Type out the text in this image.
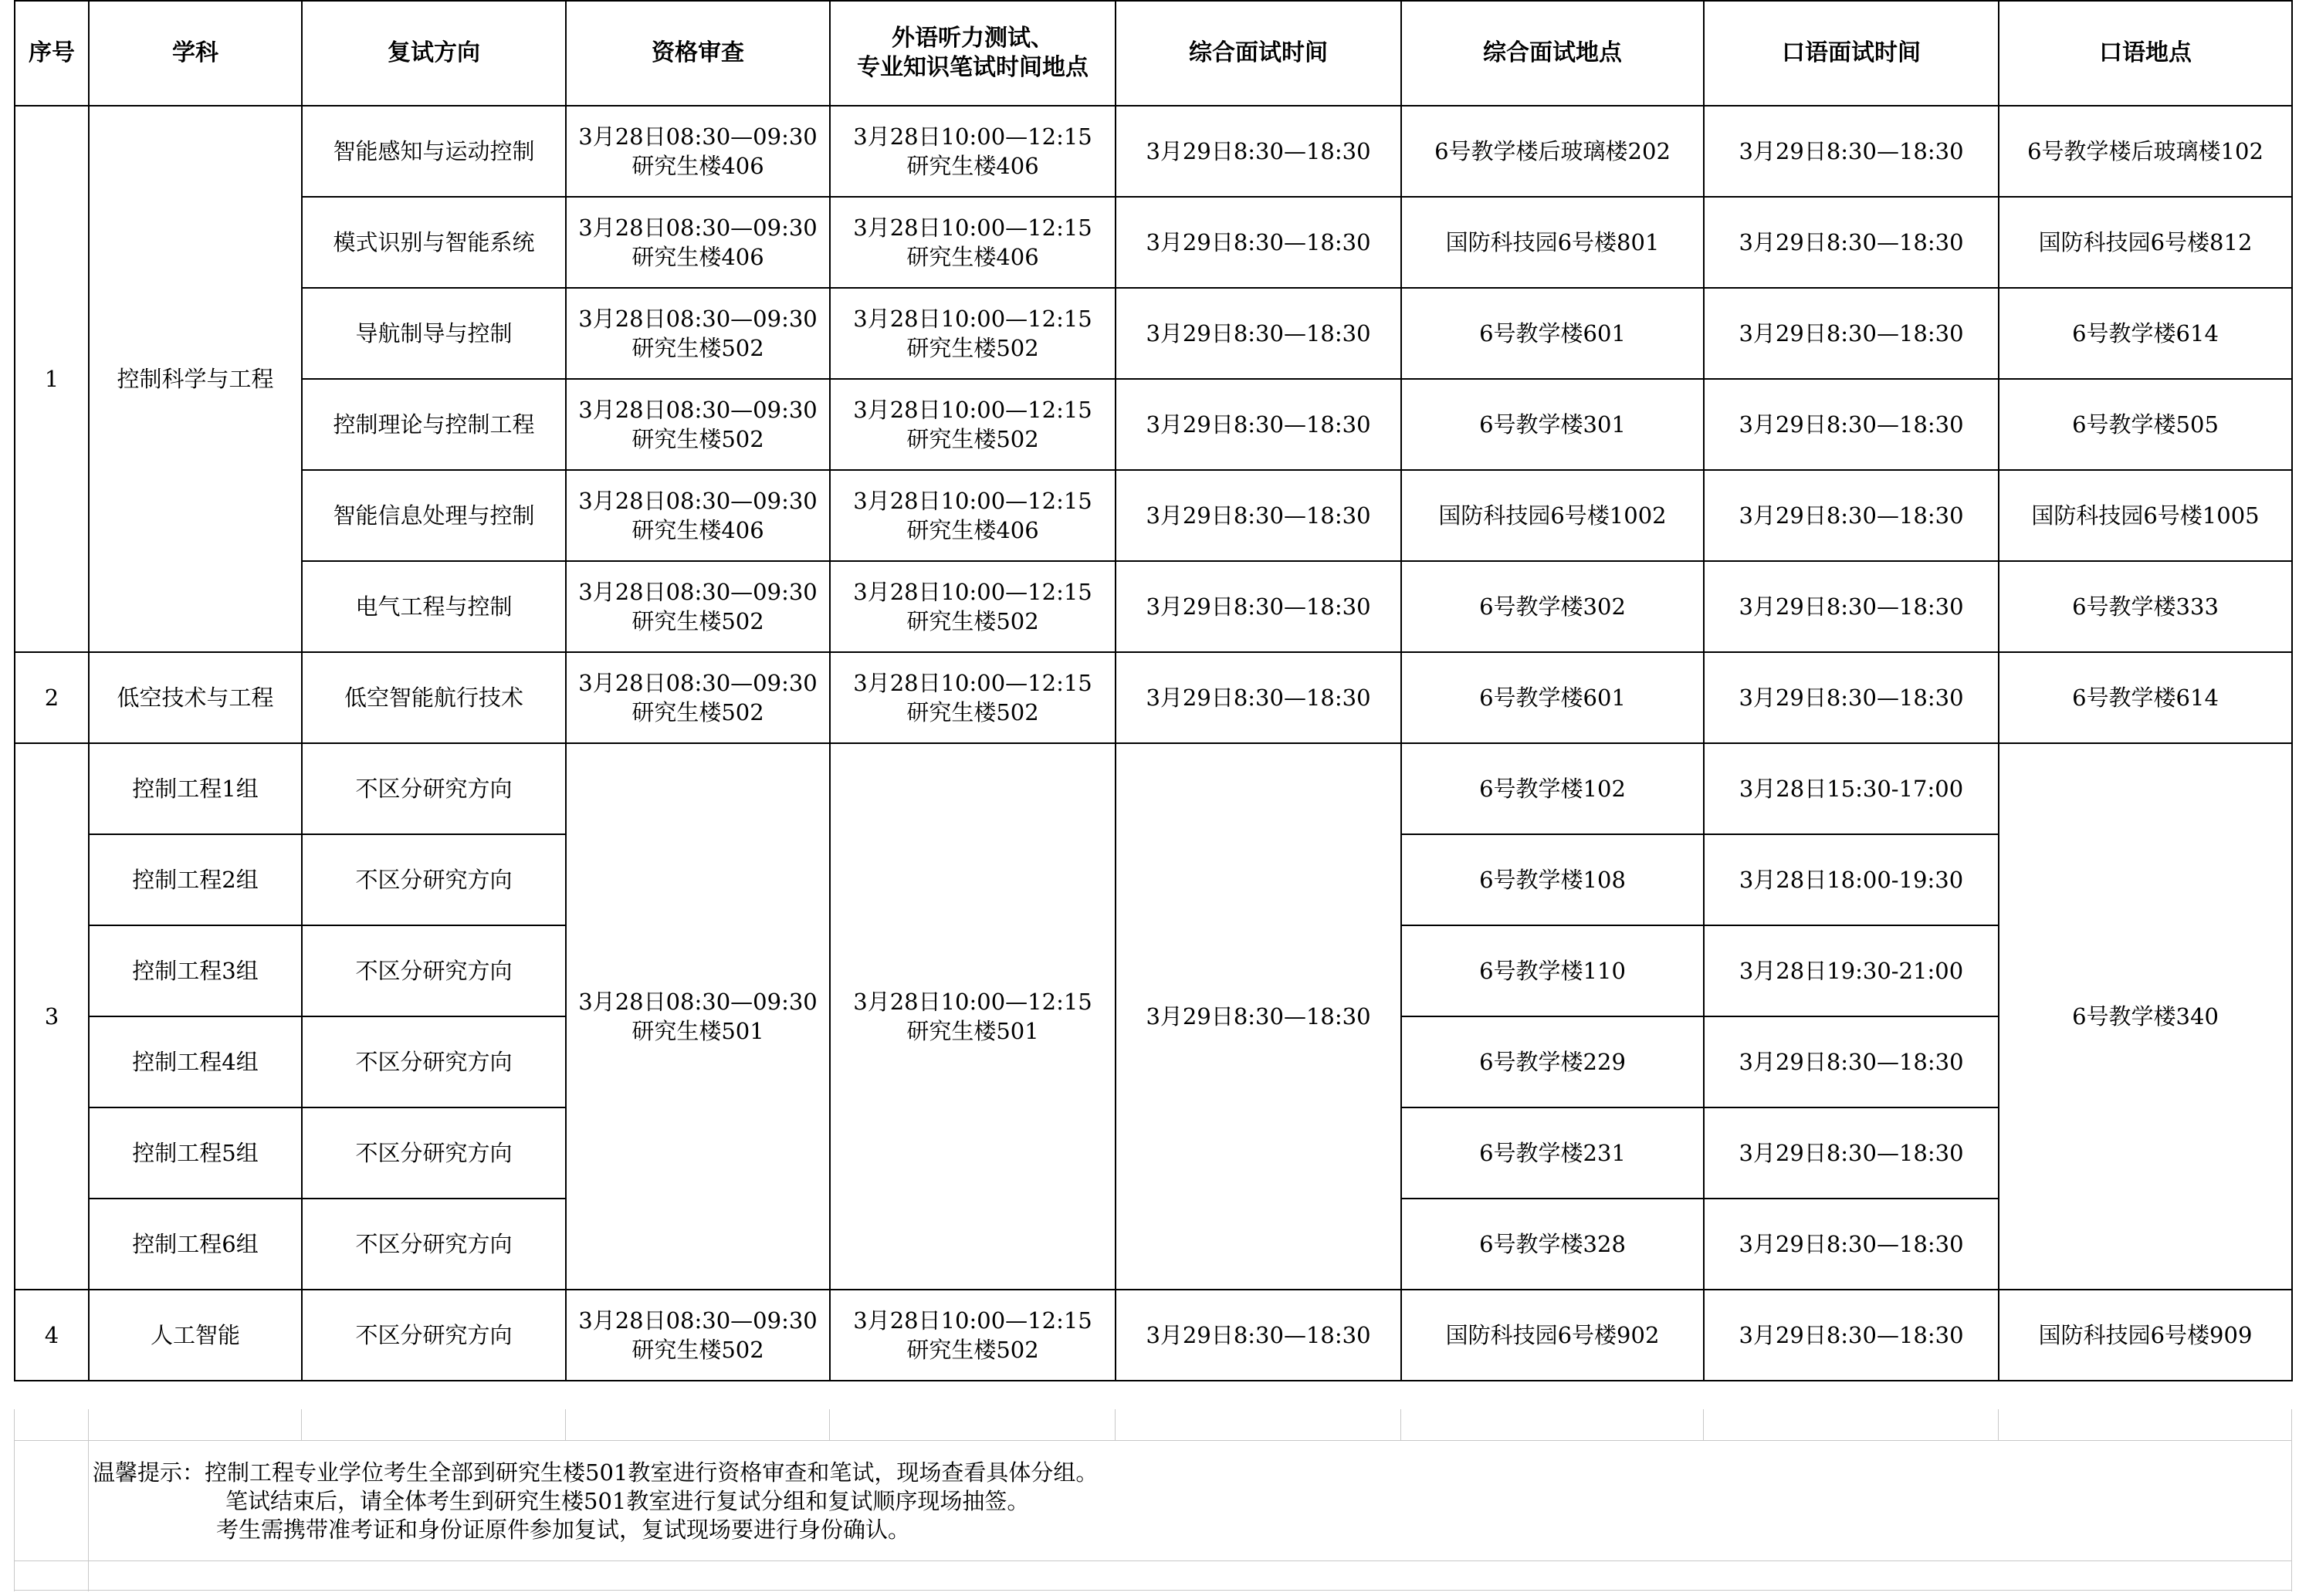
序号	学科	复试方向	资格审查	外语听力测试、
专业知识笔试时间地点	综合面试时间	综合面试地点	口语面试时间	口语地点
1	控制科学与工程	智能感知与运动控制	3月28日08:30—09:30
研究生楼406	3月28日10:00—12:15
研究生楼406	3月29日8:30—18:30	6号教学楼后玻璃楼202	3月29日8:30—18:30	6号教学楼后玻璃楼102
		模式识别与智能系统	3月28日08:30—09:30
研究生楼406	3月28日10:00—12:15
研究生楼406	3月29日8:30—18:30	国防科技园6号楼801	3月29日8:30—18:30	国防科技园6号楼812
		导航制导与控制	3月28日08:30—09:30
研究生楼502	3月28日10:00—12:15
研究生楼502	3月29日8:30—18:30	6号教学楼601	3月29日8:30—18:30	6号教学楼614
		控制理论与控制工程	3月28日08:30—09:30
研究生楼502	3月28日10:00—12:15
研究生楼502	3月29日8:30—18:30	6号教学楼301	3月29日8:30—18:30	6号教学楼505
		智能信息处理与控制	3月28日08:30—09:30
研究生楼406	3月28日10:00—12:15
研究生楼406	3月29日8:30—18:30	国防科技园6号楼1002	3月29日8:30—18:30	国防科技园6号楼1005
		电气工程与控制	3月28日08:30—09:30
研究生楼502	3月28日10:00—12:15
研究生楼502	3月29日8:30—18:30	6号教学楼302	3月29日8:30—18:30	6号教学楼333
2	低空技术与工程	低空智能航行技术	3月28日08:30—09:30
研究生楼502	3月28日10:00—12:15
研究生楼502	3月29日8:30—18:30	6号教学楼601	3月29日8:30—18:30	6号教学楼614
3	控制工程1组	不区分研究方向	3月28日08:30—09:30
研究生楼501	3月28日10:00—12:15
研究生楼501	3月29日8:30—18:30	6号教学楼102	3月28日15:30-17:00	6号教学楼340
	控制工程2组	不区分研究方向				6号教学楼108	3月28日18:00-19:30	
	控制工程3组	不区分研究方向				6号教学楼110	3月28日19:30-21:00	
	控制工程4组	不区分研究方向				6号教学楼229	3月29日8:30—18:30	
	控制工程5组	不区分研究方向				6号教学楼231	3月29日8:30—18:30	
	控制工程6组	不区分研究方向				6号教学楼328	3月29日8:30—18:30	
4	人工智能	不区分研究方向	3月28日08:30—09:30
研究生楼502	3月28日10:00—12:15
研究生楼502	3月29日8:30—18:30	国防科技园6号楼902	3月29日8:30—18:30	国防科技园6号楼909
温馨提示：控制工程专业学位考生全部到研究生楼501教室进行资格审查和笔试，现场查看具体分组。
笔试结束后，请全体考生到研究生楼501教室进行复试分组和复试顺序现场抽签。
考生需携带准考证和身份证原件参加复试，复试现场要进行身份确认。
